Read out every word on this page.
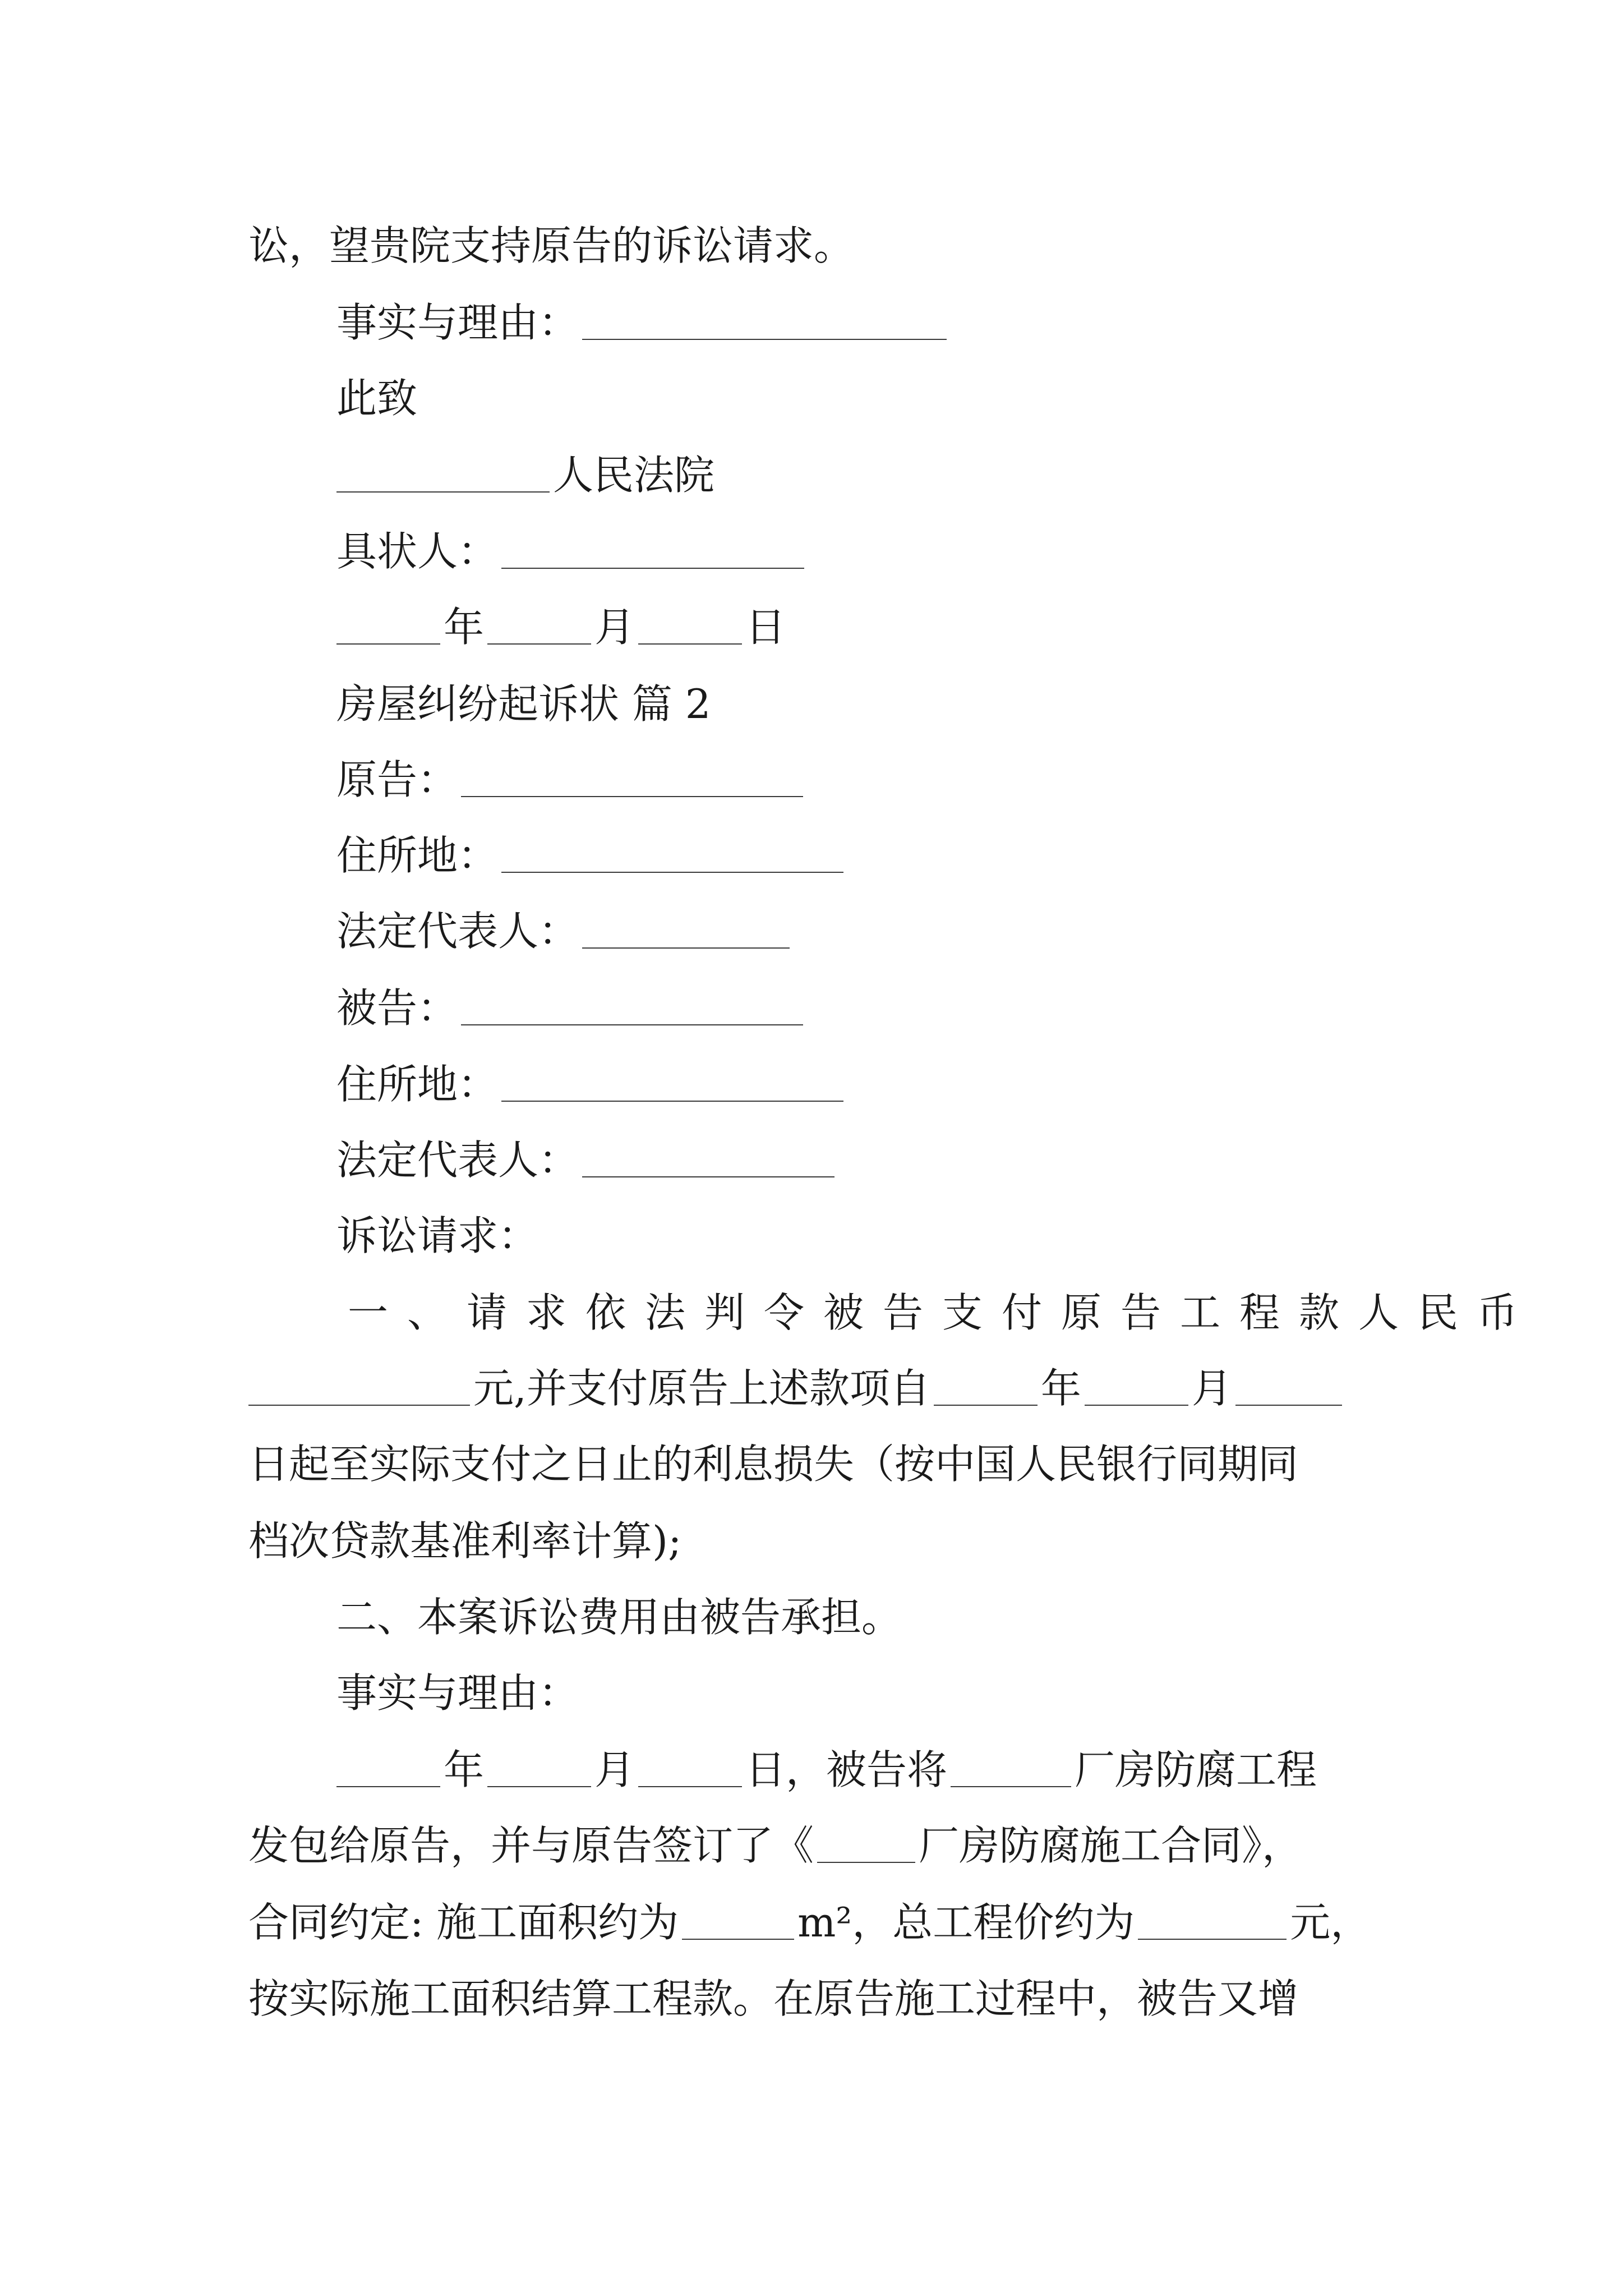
讼，望贵院支持原告的诉讼请求。
事实与理由：
此致
人民法院
具状人：
年	月	日
房屋纠纷起诉状 篇 2
原告：
住所地：
法定代表人：
被告：
住所地：
法定代表人：
诉讼请求：
一、请求依法判令被告支付原告工程款人民币
元,并支付原告上述款项自	年	月
日起至实际支付之日止的利息损失（按中国人民银行同期同
档次贷款基准利率计算);
二、本案诉讼费用由被告承担。
事实与理由：
年	月	日，被告将	厂房防腐工程
发包给原告，并与原告签订了《	厂房防腐施工合同》，
合同约定: 施工面积约为	m²，总工程价约为	元，
按实际施工面积结算工程款。在原告施工过程中，被告又增
